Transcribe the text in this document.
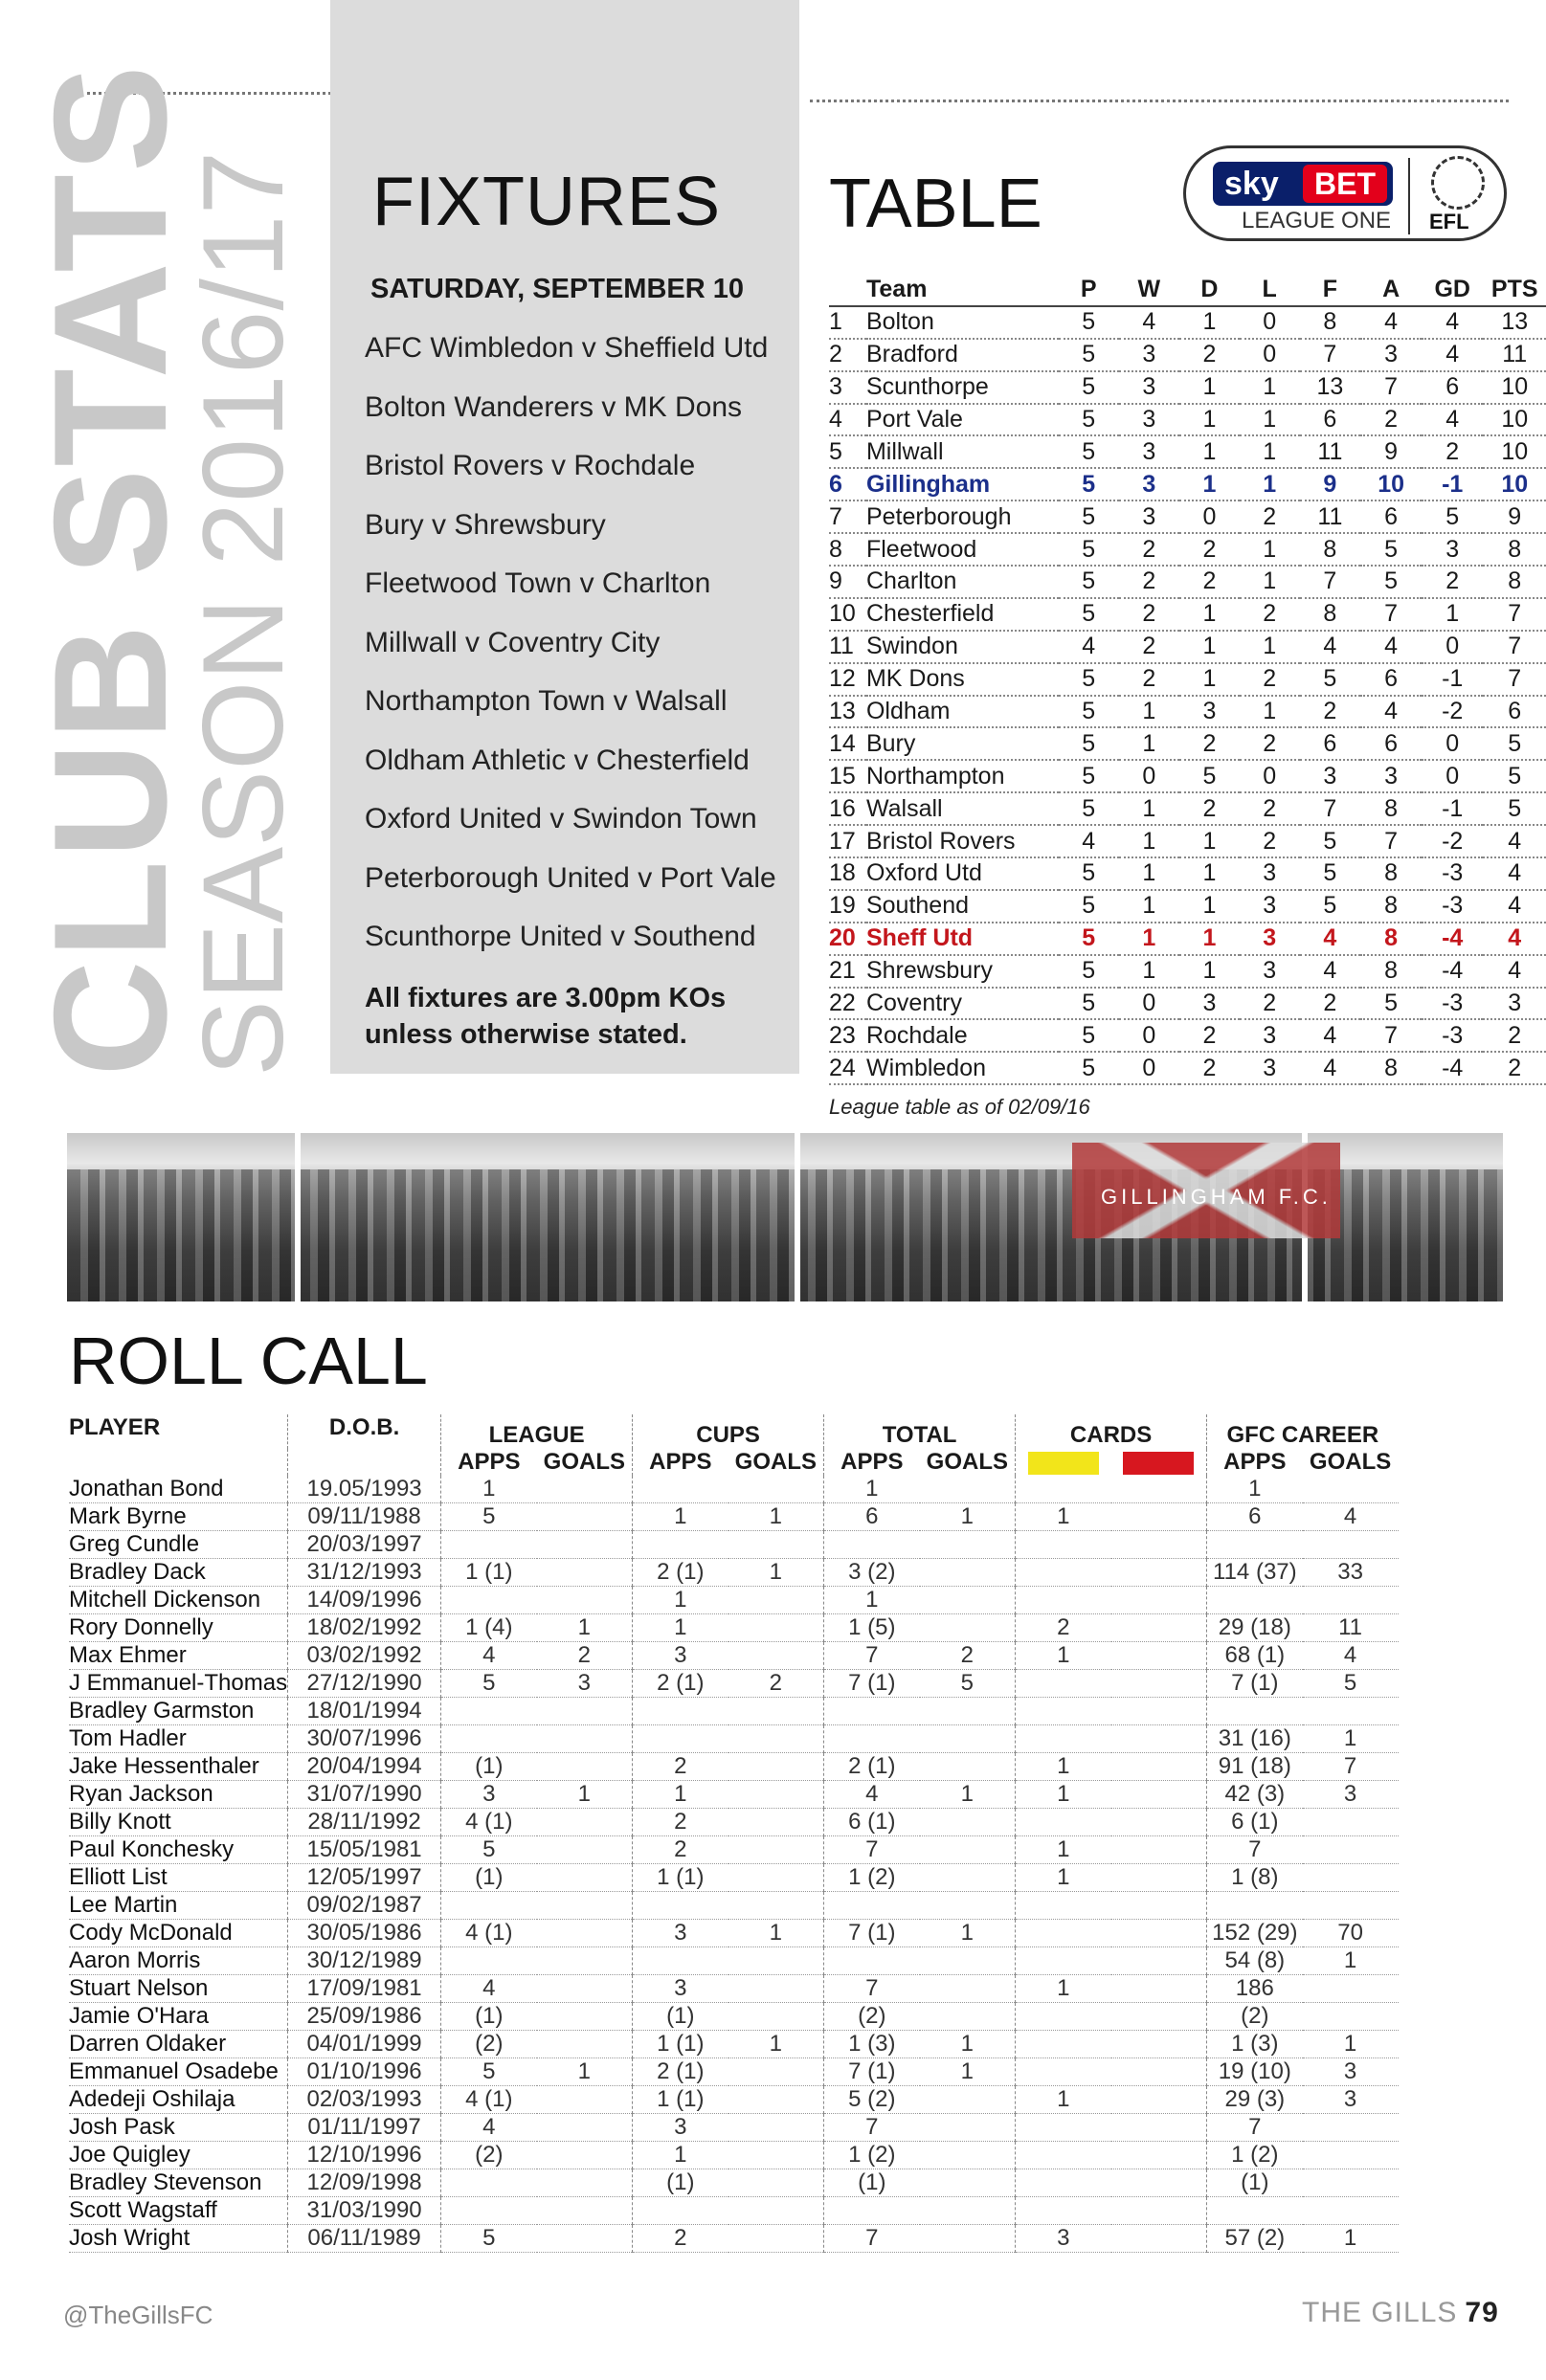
CLUB STATS
SEASON 2016/17 FIXTURES
SATURDAY, SEPTEMBER 10
AFC Wimbledon v Sheffield Utd
Bolton Wanderers v MK Dons
Bristol Rovers v Rochdale
Bury v Shrewsbury
Fleetwood Town v Charlton
Millwall v Coventry City
Northampton Town v Walsall
Oldham Athletic v Chesterfield
Oxford United v Swindon Town
Peterborough United v Port Vale
Scunthorpe United v Southend
All fixtures are 3.00pm KOs
unless otherwise stated.
TABLE	sky	BET
LEAGUE ONE EFL
	Team	P	W	D	L	F	A	GD	PTS
1	Bolton	5	4	1	0	8	4	4	13
2	Bradford	5	3	2	0	7	3	4	11
3	Scunthorpe	5	3	1	1	13	7	6	10
4	Port Vale	5	3	1	1	6	2	4	10
5	Millwall	5	3	1	1	11	9	2	10
6	Gillingham	5	3	1	1	9	10	-1	10
7	Peterborough	5	3	0	2	11	6	5	9
8	Fleetwood	5	2	2	1	8	5	3	8
9	Charlton	5	2	2	1	7	5	2	8
10	Chesterfield	5	2	1	2	8	7	1	7
11	Swindon	4	2	1	1	4	4	0	7
12	MK Dons	5	2	1	2	5	6	-1	7
13	Oldham	5	1	3	1	2	4	-2	6
14	Bury	5	1	2	2	6	6	0	5
15	Northampton	5	0	5	0	3	3	0	5
16	Walsall	5	1	2	2	7	8	-1	5
17	Bristol Rovers	4	1	1	2	5	7	-2	4
18	Oxford Utd	5	1	1	3	5	8	-3	4
19	Southend	5	1	1	3	5	8	-3	4
20	Sheff Utd	5	1	1	3	4	8	-4	4
21	Shrewsbury	5	1	1	3	4	8	-4	4
22	Coventry	5	0	3	2	2	5	-3	3
23	Rochdale	5	0	2	3	4	7	-3	2
24	Wimbledon	5	0	2	3	4	8	-4	2
League table as of 02/09/16
GILLINGHAM F.C.
ROLL CALL
PLAYER	D.O.B.	LEAGUE		CUPS		TOTAL		CARDS		GFC CAREER	
		APPS	GOALS	APPS	GOALS	APPS	GOALS			APPS	GOALS
Jonathan Bond	19.05/1993	1				1				1	
Mark Byrne	09/11/1988	5		1	1	6	1	1		6	4
Greg Cundle	20/03/1997										
Bradley Dack	31/12/1993	1 (1)		2 (1)	1	3 (2)				114 (37)	33
Mitchell Dickenson	14/09/1996			1		1					
Rory Donnelly	18/02/1992	1 (4)	1	1		1 (5)		2		29 (18)	11
Max Ehmer	03/02/1992	4	2	3		7	2	1		68 (1)	4
J Emmanuel-Thomas	27/12/1990	5	3	2 (1)	2	7 (1)	5			7 (1)	5
Bradley Garmston	18/01/1994										
Tom Hadler	30/07/1996									31 (16)	1
Jake Hessenthaler	20/04/1994	(1)		2		2 (1)		1		91 (18)	7
Ryan Jackson	31/07/1990	3	1	1		4	1	1		42 (3)	3
Billy Knott	28/11/1992	4 (1)		2		6 (1)				6 (1)	
Paul Konchesky	15/05/1981	5		2		7		1		7	
Elliott List	12/05/1997	(1)		1 (1)		1 (2)		1		1 (8)	
Lee Martin	09/02/1987										
Cody McDonald	30/05/1986	4 (1)		3	1	7 (1)	1			152 (29)	70
Aaron Morris	30/12/1989									54 (8)	1
Stuart Nelson	17/09/1981	4		3		7		1		186	
Jamie O'Hara	25/09/1986	(1)		(1)		(2)				(2)	
Darren Oldaker	04/01/1999	(2)		1 (1)	1	1 (3)	1			1 (3)	1
Emmanuel Osadebe	01/10/1996	5	1	2 (1)		7 (1)	1			19 (10)	3
Adedeji Oshilaja	02/03/1993	4 (1)		1 (1)		5 (2)		1		29 (3)	3
Josh Pask	01/11/1997	4		3		7				7	
Joe Quigley	12/10/1996	(2)		1		1 (2)				1 (2)	
Bradley Stevenson	12/09/1998			(1)		(1)				(1)	
Scott Wagstaff	31/03/1990										
Josh Wright	06/11/1989	5		2		7		3		57 (2)	1
@TheGillsFC	THE GILLS 79
